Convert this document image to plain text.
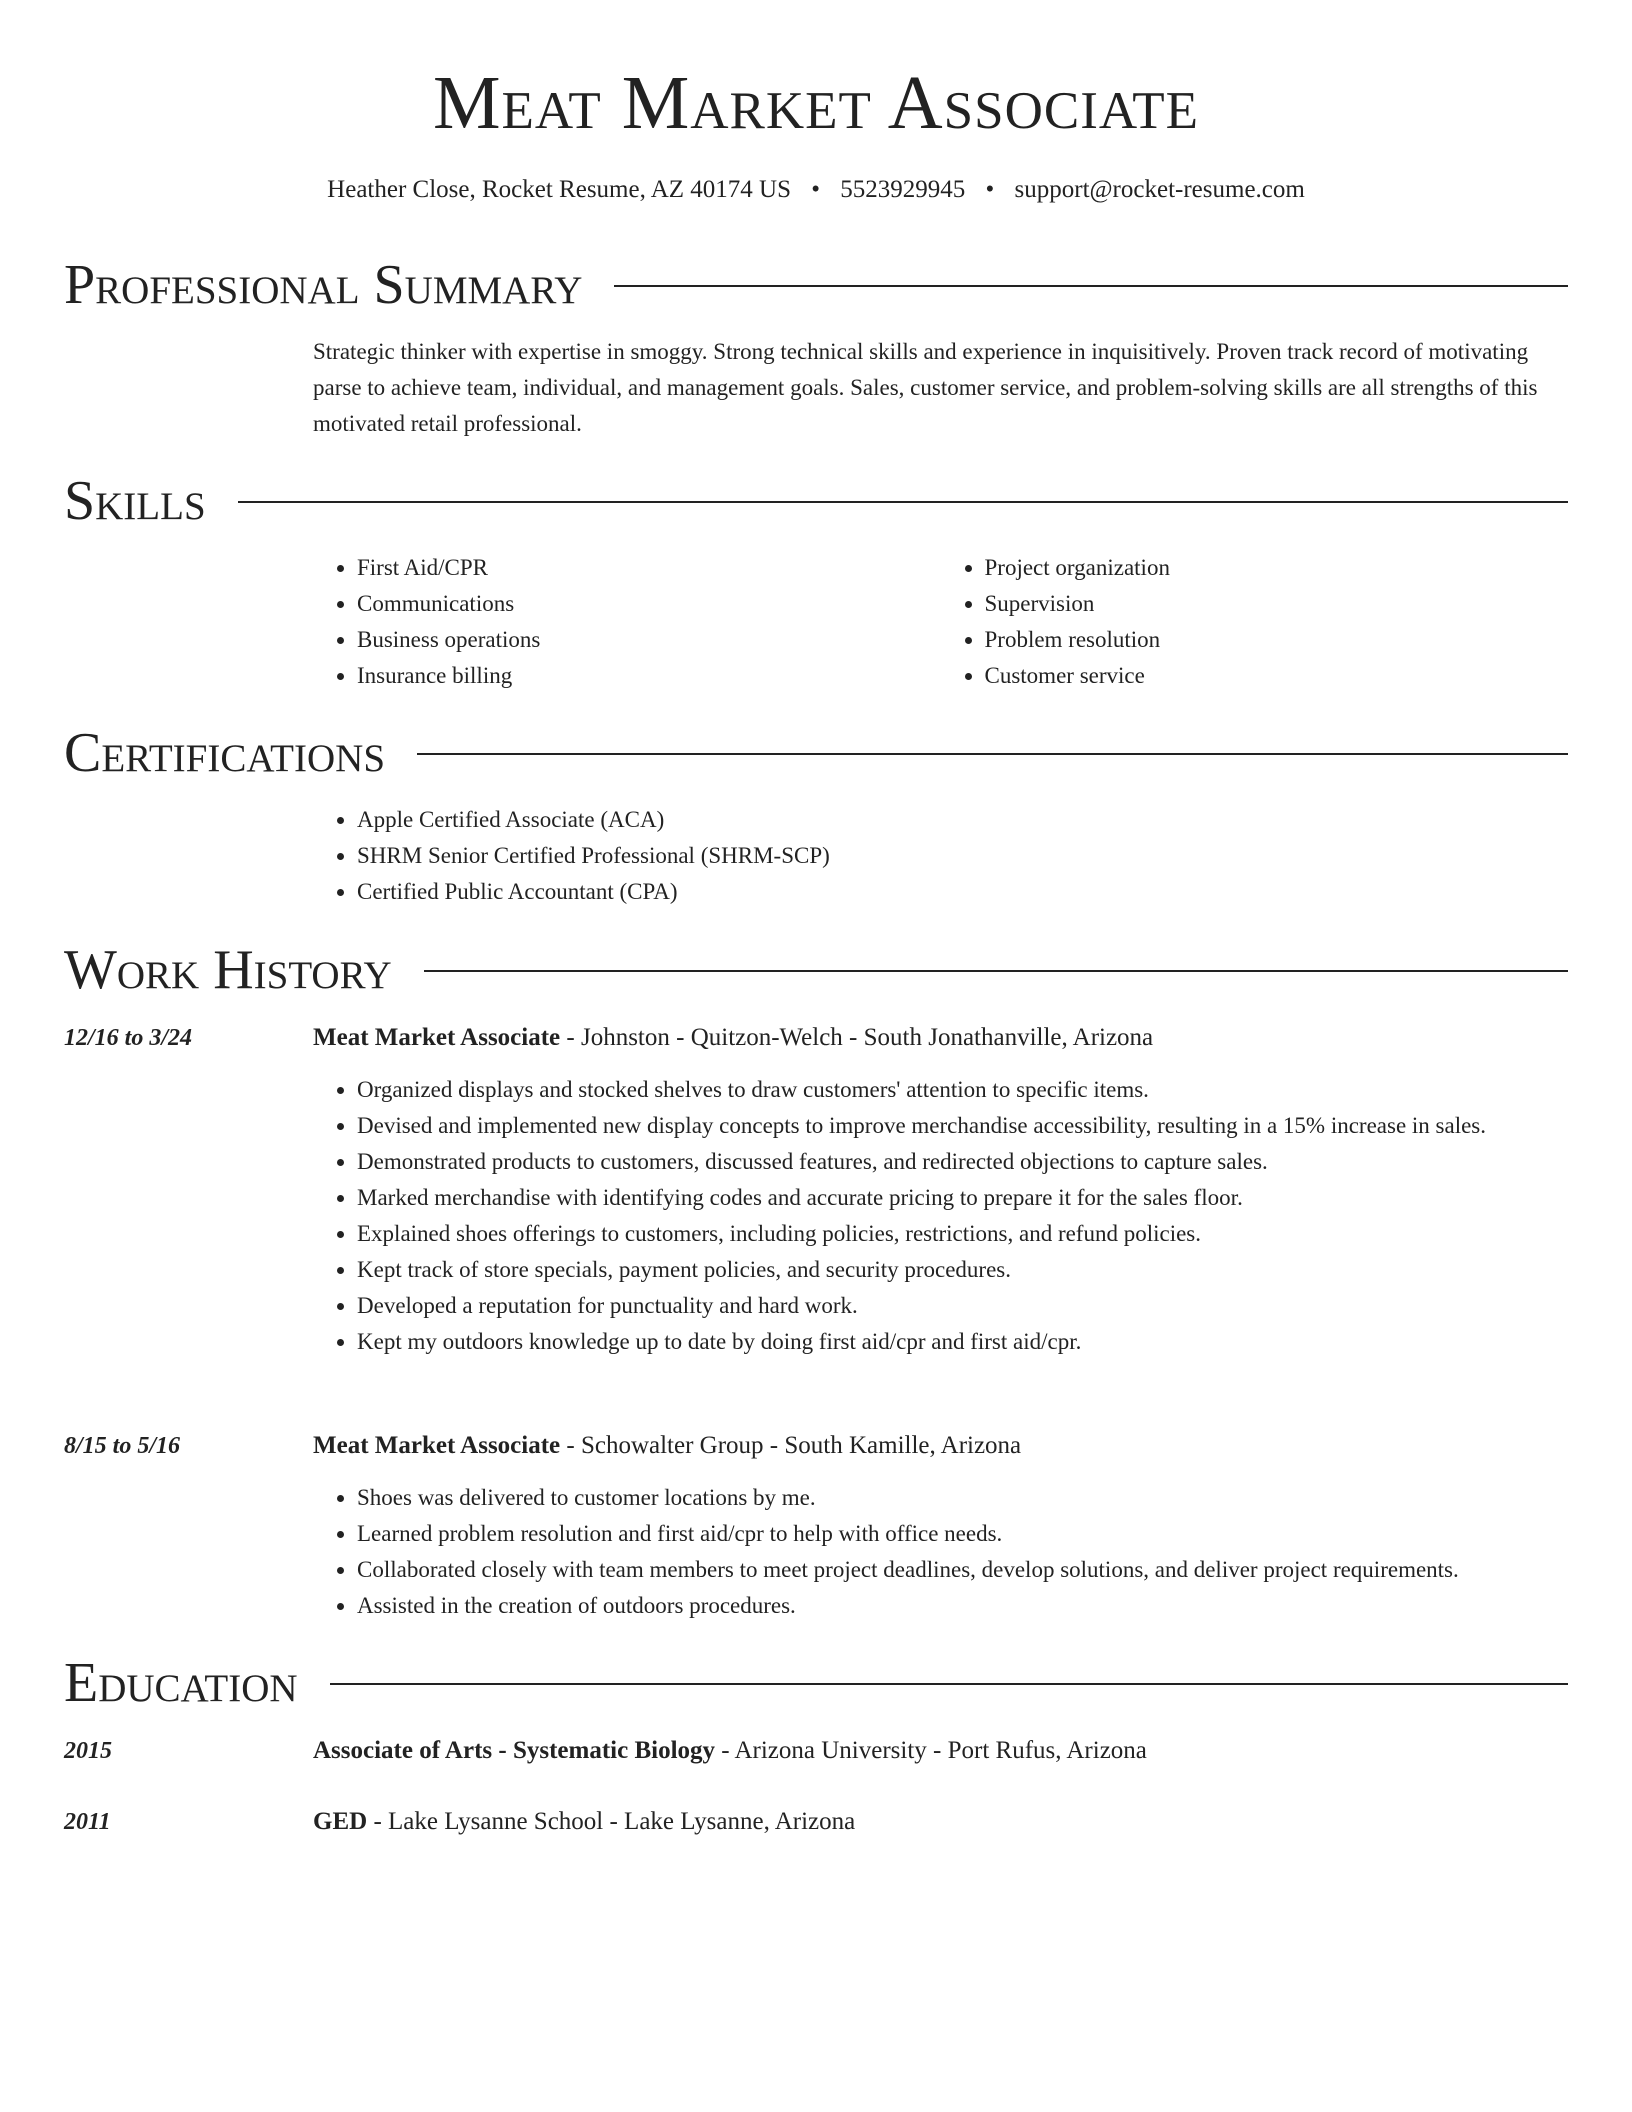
Meat Market Associate
Heather Close, Rocket Resume, AZ 40174 US • 5523929945 • support@rocket-resume.com
Professional Summary
Strategic thinker with expertise in smoggy. Strong technical skills and experience in inquisitively. Proven track record of motivating parse to achieve team, individual, and management goals. Sales, customer service, and problem-solving skills are all strengths of this motivated retail professional.
Skills
• First Aid/CPR
• Communications
• Business operations
• Insurance billing
• Project organization
• Supervision
• Problem resolution
• Customer service
Certifications
• Apple Certified Associate (ACA)
• SHRM Senior Certified Professional (SHRM-SCP)
• Certified Public Accountant (CPA)
Work History
12/16 to 3/24	Meat Market Associate - Johnston - Quitzon-Welch - South Jonathanville, Arizona
• Organized displays and stocked shelves to draw customers' attention to specific items.
• Devised and implemented new display concepts to improve merchandise accessibility, resulting in a 15% increase in sales.
• Demonstrated products to customers, discussed features, and redirected objections to capture sales.
• Marked merchandise with identifying codes and accurate pricing to prepare it for the sales floor.
• Explained shoes offerings to customers, including policies, restrictions, and refund policies.
• Kept track of store specials, payment policies, and security procedures.
• Developed a reputation for punctuality and hard work.
• Kept my outdoors knowledge up to date by doing first aid/cpr and first aid/cpr.
8/15 to 5/16	Meat Market Associate - Schowalter Group - South Kamille, Arizona
• Shoes was delivered to customer locations by me.
• Learned problem resolution and first aid/cpr to help with office needs.
• Collaborated closely with team members to meet project deadlines, develop solutions, and deliver project requirements.
• Assisted in the creation of outdoors procedures.
Education
2015	Associate of Arts - Systematic Biology - Arizona University - Port Rufus, Arizona
2011	GED - Lake Lysanne School - Lake Lysanne, Arizona
